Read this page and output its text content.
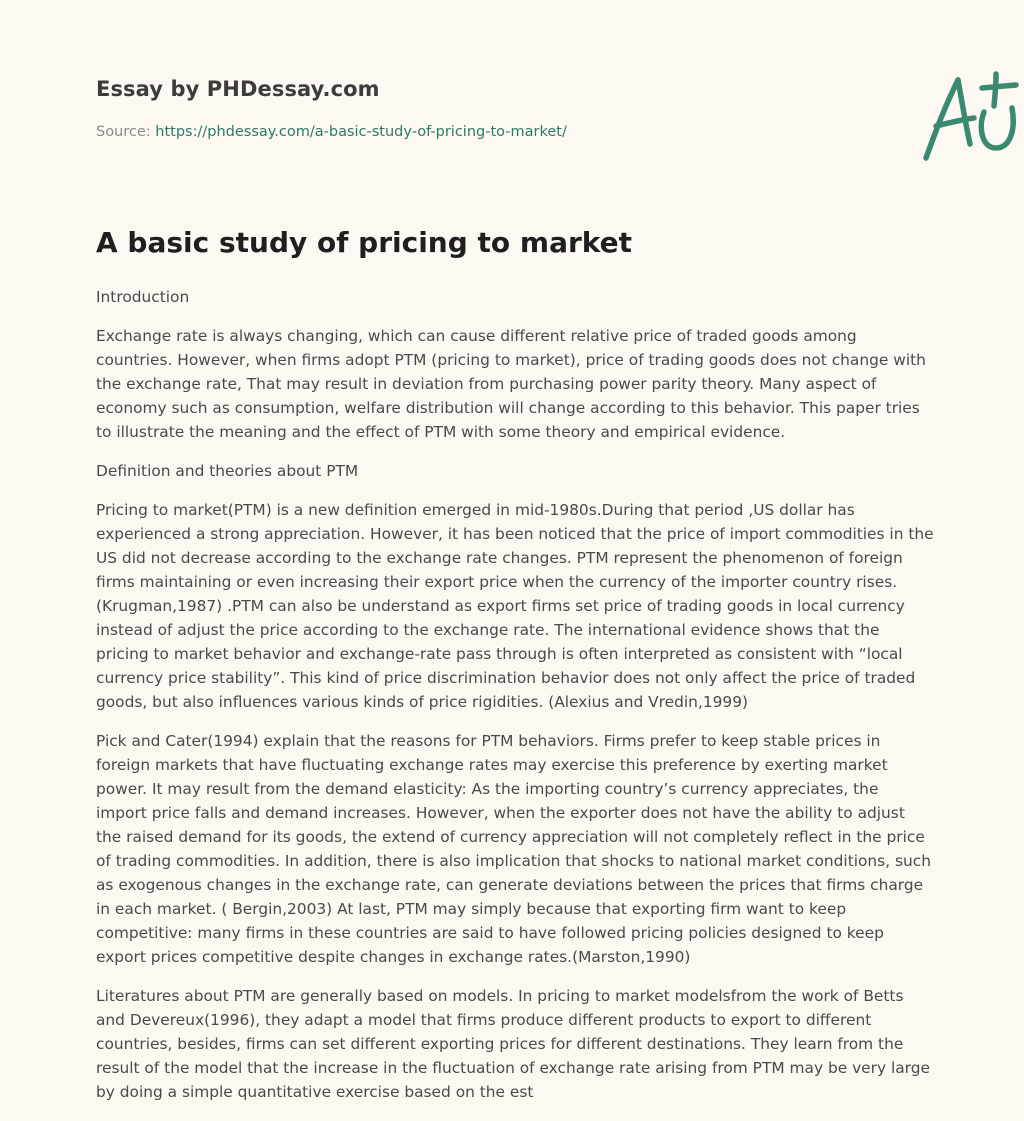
Essay by PHDessay.com
Source: https://phdessay.com/a-basic-study-of-pricing-to-market/
A basic study of pricing to market

Introduction

Exchange rate is always changing, which can cause different relative price of traded goods among countries. However, when firms adopt PTM (pricing to market), price of trading goods does not change with the exchange rate, That may result in deviation from purchasing power parity theory. Many aspect of economy such as consumption, welfare distribution will change according to this behavior. This paper tries to illustrate the meaning and the effect of PTM with some theory and empirical evidence.

Definition and theories about PTM

Pricing to market(PTM) is a new definition emerged in mid-1980s.During that period ,US dollar has experienced a strong appreciation. However, it has been noticed that the price of import commodities in the US did not decrease according to the exchange rate changes. PTM represent the phenomenon of foreign firms maintaining or even increasing their export price when the currency of the importer country rises. (Krugman,1987) .PTM can also be understand as export firms set price of trading goods in local currency instead of adjust the price according to the exchange rate. The international evidence shows that the pricing to market behavior and exchange-rate pass through is often interpreted as consistent with “local currency price stability”. This kind of price discrimination behavior does not only affect the price of traded goods, but also influences various kinds of price rigidities. (Alexius and Vredin,1999)

Pick and Cater(1994) explain that the reasons for PTM behaviors. Firms prefer to keep stable prices in foreign markets that have fluctuating exchange rates may exercise this preference by exerting market power. It may result from the demand elasticity: As the importing country’s currency appreciates, the import price falls and demand increases. However, when the exporter does not have the ability to adjust the raised demand for its goods, the extend of currency appreciation will not completely reflect in the price of trading commodities. In addition, there is also implication that shocks to national market conditions, such as exogenous changes in the exchange rate, can generate deviations between the prices that firms charge in each market. ( Bergin,2003) At last, PTM may simply because that exporting firm want to keep competitive: many firms in these countries are said to have followed pricing policies designed to keep export prices competitive despite changes in exchange rates.(Marston,1990)

Literatures about PTM are generally based on models. In pricing to market modelsfrom the work of Betts and Devereux(1996), they adapt a model that firms produce different products to export to different countries, besides, firms can set different exporting prices for different destinations. They learn from the result of the model that the increase in the fluctuation of exchange rate arising from PTM may be very large by doing a simple quantitative exercise based on the est
